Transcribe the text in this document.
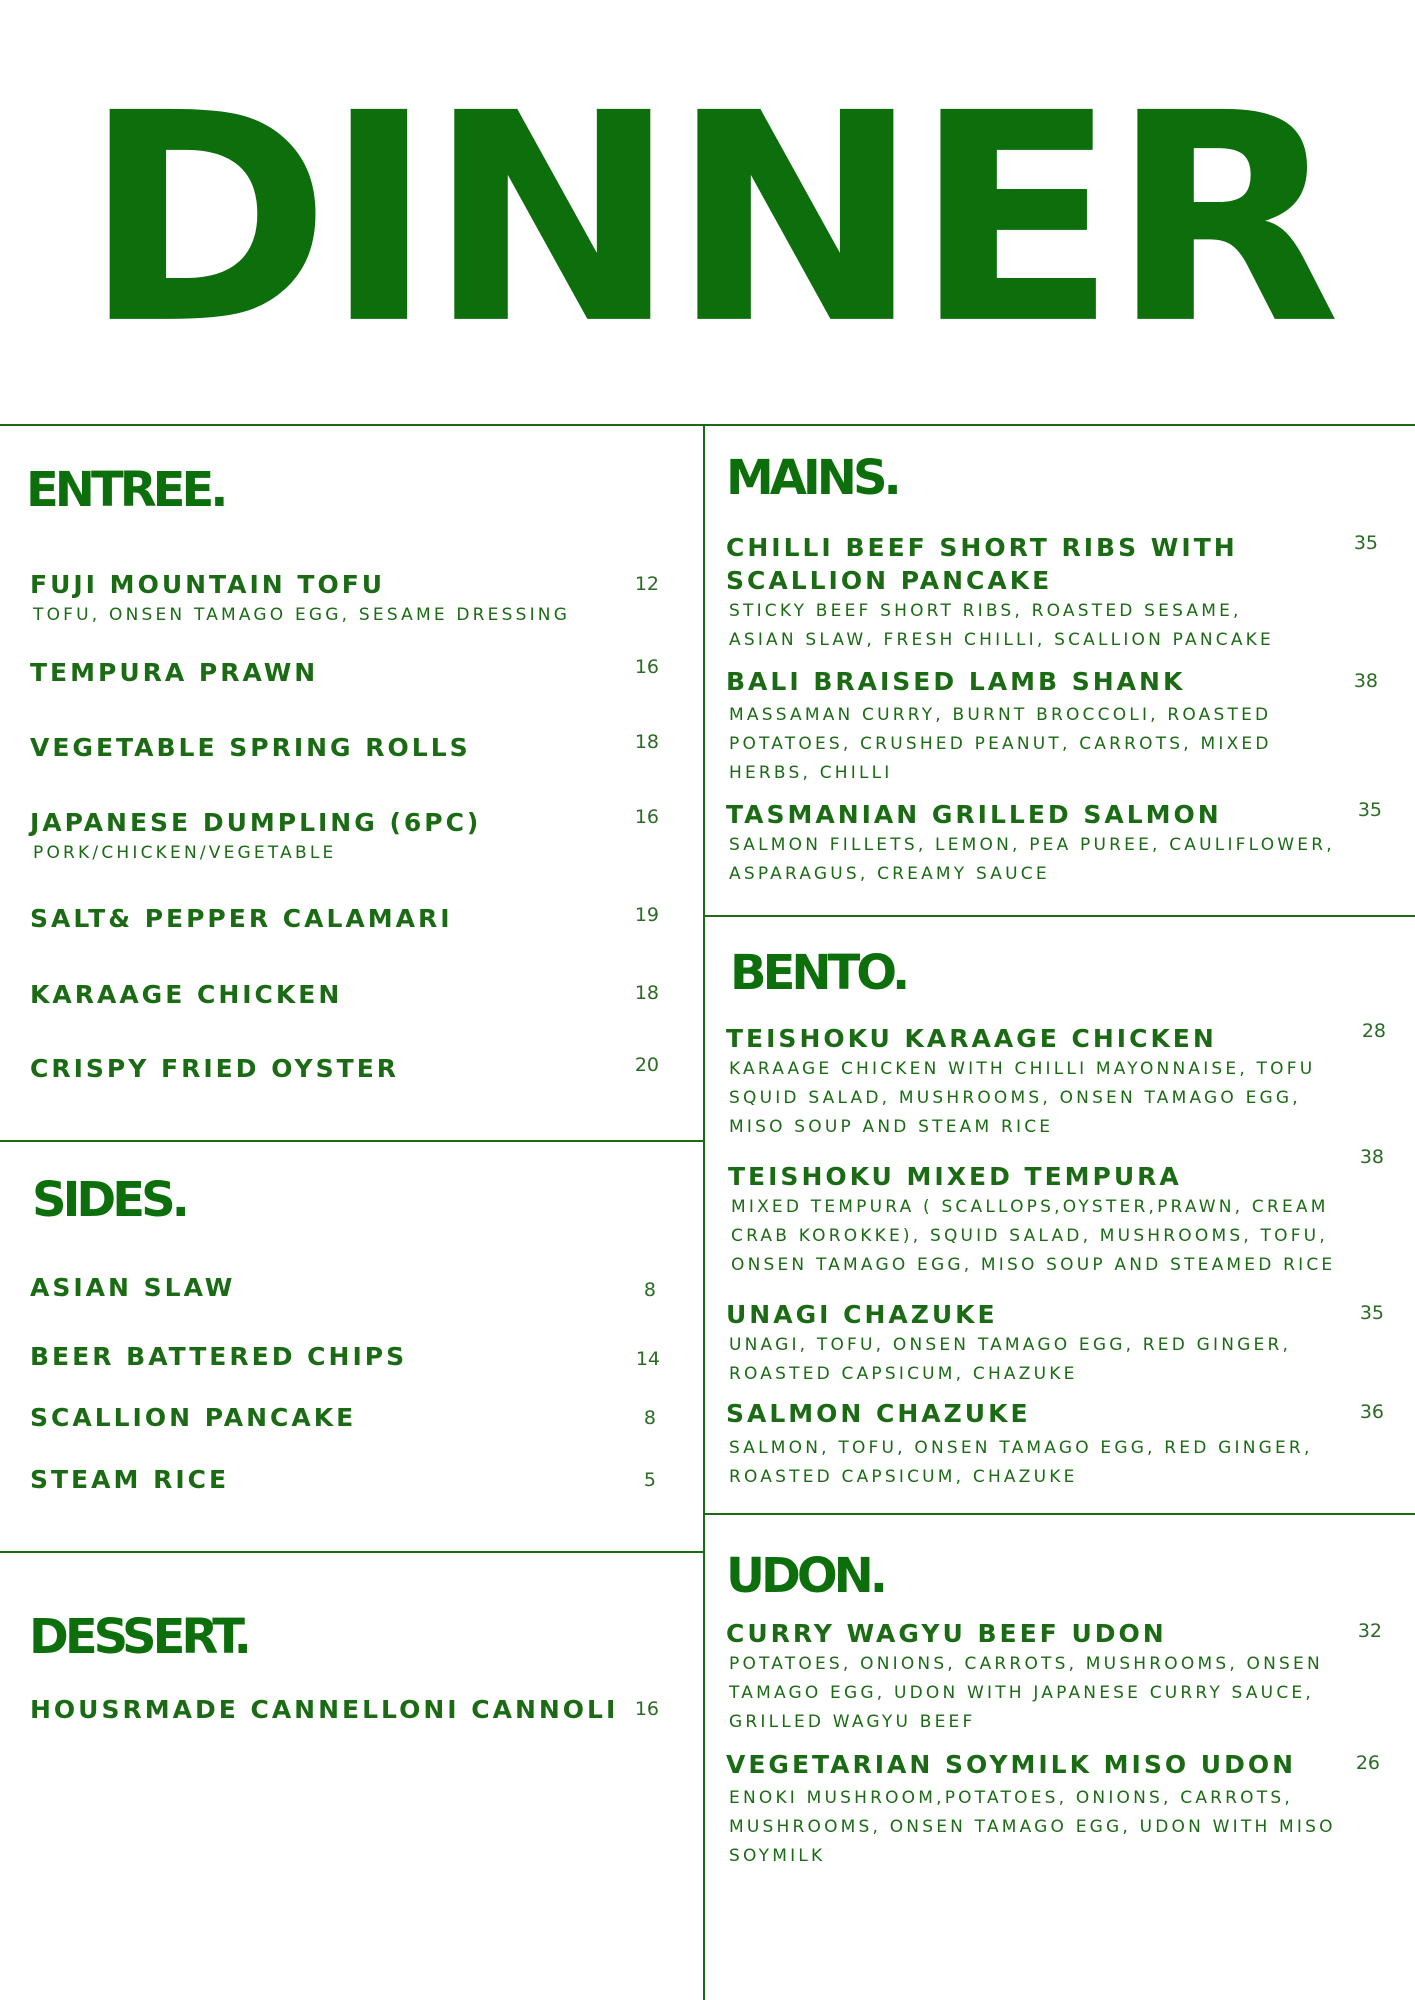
DINNER
ENTREE.
FUJI MOUNTAIN TOFU
TOFU, ONSEN TAMAGO EGG, SESAME DRESSING
12
TEMPURA PRAWN	16
VEGETABLE SPRING ROLLS	18
JAPANESE DUMPLING (6PC)
PORK/CHICKEN/VEGETABLE
16
SALT& PEPPER CALAMARI	19
KARAAGE CHICKEN	18
CRISPY FRIED OYSTER	20
SIDES.
ASIAN SLAW	8
BEER BATTERED CHIPS	14
SCALLION PANCAKE	8
STEAM RICE	5
DESSERT.
HOUSRMADE CANNELLONI CANNOLI 16
MAINS.
CHILLI BEEF SHORT RIBS WITH SCALLION PANCAKE
STICKY BEEF SHORT RIBS, ROASTED SESAME, ASIAN SLAW, FRESH CHILLI, SCALLION PANCAKE
35
BALI BRAISED LAMB SHANK
MASSAMAN CURRY, BURNT BROCCOLI, ROASTED POTATOES, CRUSHED PEANUT, CARROTS, MIXED HERBS, CHILLI
38
TASMANIAN GRILLED SALMON
SALMON FILLETS, LEMON, PEA PUREE, CAULIFLOWER, ASPARAGUS, CREAMY SAUCE
35
BENTO.
TEISHOKU KARAAGE CHICKEN
KARAAGE CHICKEN WITH CHILLI MAYONNAISE, TOFU SQUID SALAD, MUSHROOMS, ONSEN TAMAGO EGG, MISO SOUP AND STEAM RICE
28
TEISHOKU MIXED TEMPURA
MIXED TEMPURA ( SCALLOPS,OYSTER,PRAWN, CREAM CRAB KOROKKE), SQUID SALAD, MUSHROOMS, TOFU, ONSEN TAMAGO EGG, MISO SOUP AND STEAMED RICE
38
UNAGI CHAZUKE
UNAGI, TOFU, ONSEN TAMAGO EGG, RED GINGER, ROASTED CAPSICUM, CHAZUKE
35
SALMON CHAZUKE
SALMON, TOFU, ONSEN TAMAGO EGG, RED GINGER, ROASTED CAPSICUM, CHAZUKE
36
UDON.
CURRY WAGYU BEEF UDON
POTATOES, ONIONS, CARROTS, MUSHROOMS, ONSEN TAMAGO EGG, UDON WITH JAPANESE CURRY SAUCE, GRILLED WAGYU BEEF
32
VEGETARIAN SOYMILK MISO UDON
ENOKI MUSHROOM,POTATOES, ONIONS, CARROTS, MUSHROOMS, ONSEN TAMAGO EGG, UDON WITH MISO SOYMILK
26
